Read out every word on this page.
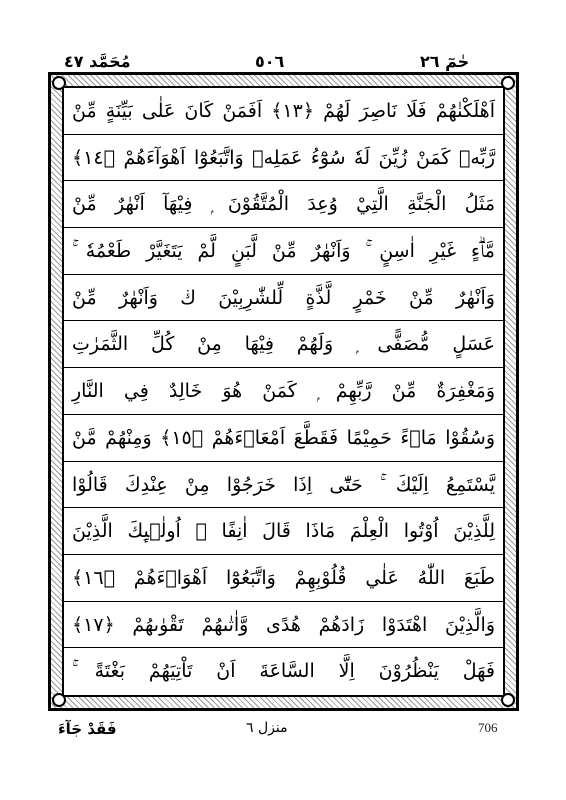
حٰمٓ ٢٦
٥٠٦
مُحَمَّد ٤٧
اَهْلَكْنٰهُمْ فَلَا نَاصِرَ لَهُمْ ﴿١٣﴾ اَفَمَنْ كَانَ عَلٰى بَيِّنَةٍ مِّنْ
رَّبِّهٖ كَمَنْ زُيِّنَ لَهٗ سُوْٓءُ عَمَلِهٖ وَاتَّبَعُوْٓا اَهْوَآءَهُمْ ﴿١٤﴾
مَثَلُ الْجَنَّةِ الَّتِيْ وُعِدَ الْمُتَّقُوْنَ ۭ فِيْهَآ اَنْهٰرٌ مِّنْ
مَّاۗءٍ غَيْرِ اٰسِنٍ ۚ وَاَنْهٰرٌ مِّنْ لَّبَنٍ لَّمْ يَتَغَيَّرْ طَعْمُهٗ ۚ
وَاَنْهٰرٌ مِّنْ خَمْرٍ لَّذَّةٍ لِّلشّٰرِبِيْنَ ڬ وَاَنْهٰرٌ مِّنْ
عَسَلٍ مُّصَفًّى ۭ وَلَهُمْ فِيْهَا مِنْ كُلِّ الثَّمَرٰتِ
وَمَغْفِرَةٌ مِّنْ رَّبِّهِمْ ۭ كَمَنْ هُوَ خَالِدٌ فِي النَّارِ
وَسُقُوْا مَاۗءً حَمِيْمًا فَقَطَّعَ اَمْعَاۗءَهُمْ ﴿١٥﴾ وَمِنْهُمْ مَّنْ
يَّسْتَمِعُ اِلَيْكَ ۚ حَتّٰٓى اِذَا خَرَجُوْا مِنْ عِنْدِكَ قَالُوْا
لِلَّذِيْنَ اُوْتُوا الْعِلْمَ مَاذَا قَالَ اٰنِفًا ۣ اُولٰۗىِٕكَ الَّذِيْنَ
طَبَعَ اللّٰهُ عَلٰي قُلُوْبِهِمْ وَاتَّبَعُوْٓا اَهْوَاۗءَهُمْ ﴿١٦﴾
وَالَّذِيْنَ اهْتَدَوْا زَادَهُمْ هُدًى وَّاٰتٰىهُمْ تَقْوٰىهُمْ ﴿١٧﴾
فَهَلْ يَنْظُرُوْنَ اِلَّا السَّاعَةَ اَنْ تَاْتِيَهُمْ بَغْتَةً ۚ
فَقَدْ جَآءَ	منزل ٦	706
